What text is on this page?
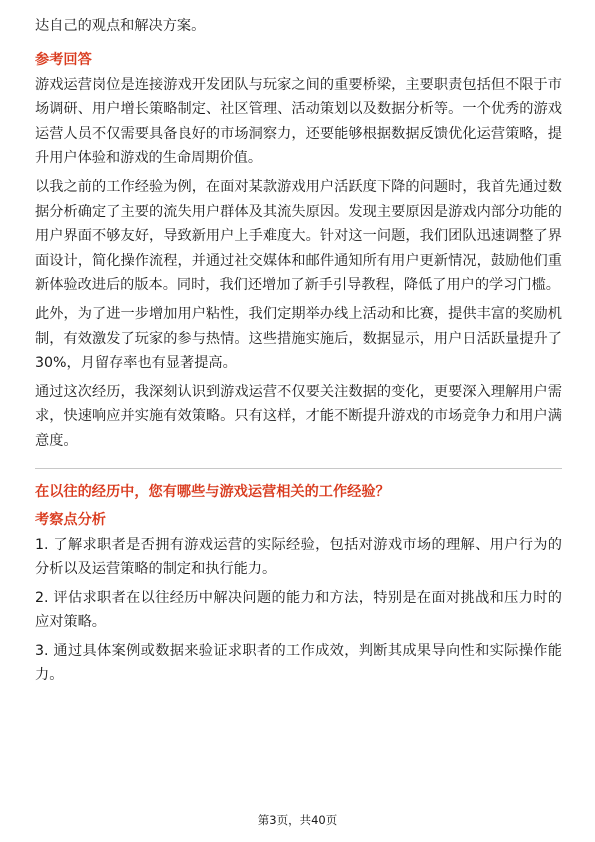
达自己的观点和解决方案。

参考回答

游戏运营岗位是连接游戏开发团队与玩家之间的重要桥梁，主要职责包括但不限于市场调研、用户增长策略制定、社区管理、活动策划以及数据分析等。一个优秀的游戏运营人员不仅需要具备良好的市场洞察力，还要能够根据数据反馈优化运营策略，提升用户体验和游戏的生命周期价值。

以我之前的工作经验为例，在面对某款游戏用户活跃度下降的问题时，我首先通过数据分析确定了主要的流失用户群体及其流失原因。发现主要原因是游戏内部分功能的用户界面不够友好，导致新用户上手难度大。针对这一问题，我们团队迅速调整了界面设计，简化操作流程，并通过社交媒体和邮件通知所有用户更新情况，鼓励他们重新体验改进后的版本。同时，我们还增加了新手引导教程，降低了用户的学习门槛。

此外，为了进一步增加用户粘性，我们定期举办线上活动和比赛，提供丰富的奖励机制，有效激发了玩家的参与热情。这些措施实施后，数据显示，用户日活跃量提升了30%，月留存率也有显著提高。

通过这次经历，我深刻认识到游戏运营不仅要关注数据的变化，更要深入理解用户需求，快速响应并实施有效策略。只有这样，才能不断提升游戏的市场竞争力和用户满意度。

在以往的经历中，您有哪些与游戏运营相关的工作经验？
考察点分析

1. 了解求职者是否拥有游戏运营的实际经验，包括对游戏市场的理解、用户行为的分析以及运营策略的制定和执行能力。

2. 评估求职者在以往经历中解决问题的能力和方法，特别是在面对挑战和压力时的应对策略。

3. 通过具体案例或数据来验证求职者的工作成效，判断其成果导向性和实际操作能力。

第3页，共40页
